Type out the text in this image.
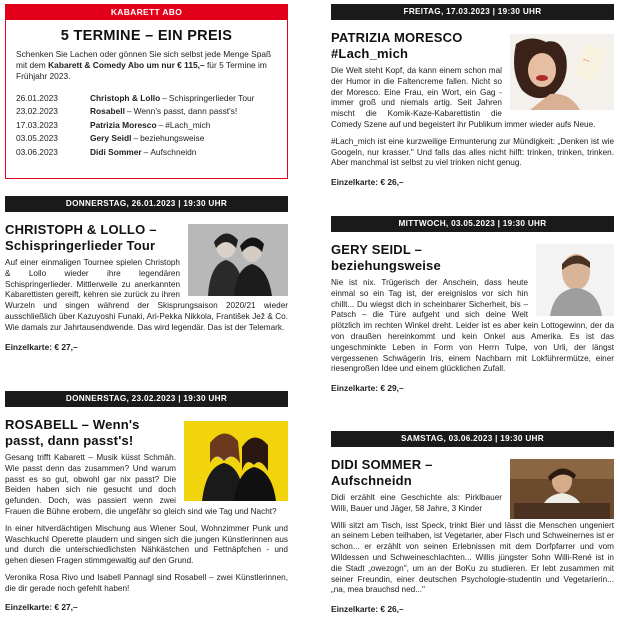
KABARETT ABO
5 TERMINE – EIN PREIS

Schenken Sie Lachen oder gönnen Sie sich selbst jede Menge Spaß mit dem Kabarett & Comedy Abo um nur € 115,– für 5 Termine im Frühjahr 2023.

26.01.2023	Christoph & Lollo – Schispringerlieder Tour
23.02.2023	Rosabell – Wenn's passt, dann passt's!
17.03.2023	Patrizia Moresco – #Lach_mich
03.05.2023	Gery Seidl – beziehungsweise
03.06.2023	Didi Sommer – Aufschneidn
DONNERSTAG, 26.01.2023 | 19:30 UHR
CHRISTOPH & LOLLO –
Schispringerlieder Tour

Auf einer einmaligen Tournee spielen Christoph & Lollo wieder ihre legendären Schispringerlieder. Mittlerweile zu anerkannten Kabarettisten gereift, kehren sie zurück zu ihren Wurzeln und singen während der Skisprungsaison 2020/21 wieder ausschließlich über Kazuyoshi Funaki, Ari-Pekka Nikkola, František Jež & Co. Wie damals zur Jahrtausendwende. Das wird legendär. Das ist der Telemark.

Einzelkarte: € 27,–
DONNERSTAG, 23.02.2023 | 19:30 UHR
ROSABELL – Wenn's
passt, dann passt's!

Gesang trifft Kabarett – Musik küsst Schmäh. Wie passt denn das zusammen? Und warum passt es so gut, obwohl gar nix passt? Die Beiden haben sich nie gesucht und doch gefunden. Doch, was passiert wenn zwei Frauen die Bühne erobern, die ungefähr so gleich sind wie Tag und Nacht?

In einer hitverdächtigen Mischung aus Wiener Soul, Wohnzimmer Punk und Waschkuchl Operette plaudern und singen sich die jungen Künstlerinnen aus und durch die unterschiedlichsten Nähkästchen und Fettnäpfchen - und gehen diesen Fragen stimmgewaltig auf den Grund.

Veronika Rosa Rivo und Isabell Pannagl sind Rosabell – zwei Künstlerinnen, die dir gerade noch gefehlt haben!

Einzelkarte: € 27,–
FREITAG, 17.03.2023 | 19:30 UHR
~~
PATRIZIA MORESCO
#Lach_mich

Die Welt steht Kopf, da kann einem schon mal der Humor in die Faltencreme fallen. Nicht so der Moresco. Eine Frau, ein Wort, ein Gag - immer groß und niemals artig. Seit Jahren mischt die Komik-Kaze-Kabarettistin die Comedy Szene auf und begeistert ihr Publikum immer wieder aufs Neue.

#Lach_mich ist eine kurzweilige Ermunterung zur Mündigkeit: „Denken ist wie Googeln, nur krasser." Und falls das alles nicht hilft: trinken, trinken, trinken. Aber manchmal ist selbst zu viel trinken nicht genug.

Einzelkarte: € 26,–
MITTWOCH, 03.05.2023 | 19:30 UHR
GERY SEIDL –
beziehungsweise

Nie ist nix. Trügerisch der Anschein, dass heute einmal so ein Tag ist, der ereignislos vor sich hin chillt... Du wiegst dich in scheinbarer Sicherheit, bis – Patsch – die Türe aufgeht und sich deine Welt plötzlich im rechten Winkel dreht. Leider ist es aber kein Lottogewinn, der da von draußen hereinkommt und kein Onkel aus Amerika. Es ist das ungeschminkte Leben in Form von Herrn Tulpe, von Urli, der längst vergessenen Schwägerin Iris, einem Nachbarn mit Lokführermütze, einer riesengroßen Idee und einem glücklichen Zufall.

Einzelkarte: € 29,–
SAMSTAG, 03.06.2023 | 19:30 UHR
DIDI SOMMER –
Aufschneidn

Didi erzählt eine Geschichte als: Pirklbauer Willi, Bauer und Jäger, 58 Jahre, 3 Kinder

Willi sitzt am Tisch, isst Speck, trinkt Bier und lässt die Menschen ungeniert an seinem Leben teilhaben, ist Vegetarier, aber Fisch und Schweinernes ist er schon... er erzählt von seinen Erlebnissen mit dem Dorfpfarrer und vom Wildessen und Schweineschlachten... Willis jüngster Sohn Willi-René ist in die Stadt „owezogn", um an der BoKu zu studieren. Er lebt zusammen mit seiner Freundin, einer deutschen Psychologie-studentin und Vegetarierin... „na, mea brauchsd ned..."

Einzelkarte: € 26,–
